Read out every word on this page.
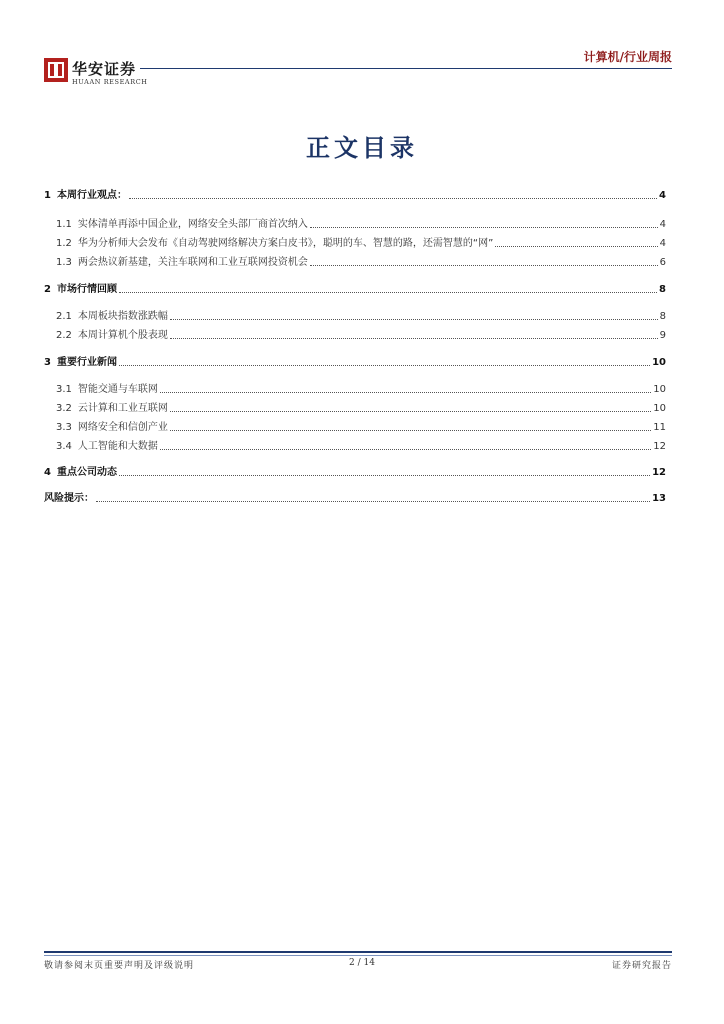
华安证券
HUAAN RESEARCH
计算机/行业周报
正文目录
1 本周行业观点：	4
1.1 实体清单再添中国企业，网络安全头部厂商首次纳入	4
1.2 华为分析师大会发布《自动驾驶网络解决方案白皮书》，聪明的车、智慧的路，还需智慧的“网”	4
1.3 两会热议新基建，关注车联网和工业互联网投资机会	6
2 市场行情回顾	8
2.1 本周板块指数涨跌幅	8
2.2 本周计算机个股表现	9
3 重要行业新闻	10
3.1 智能交通与车联网	10
3.2 云计算和工业互联网	10
3.3 网络安全和信创产业	11
3.4 人工智能和大数据	12
4 重点公司动态	12
风险提示：	13
敬请参阅末页重要声明及评级说明	2 / 14	证券研究报告
